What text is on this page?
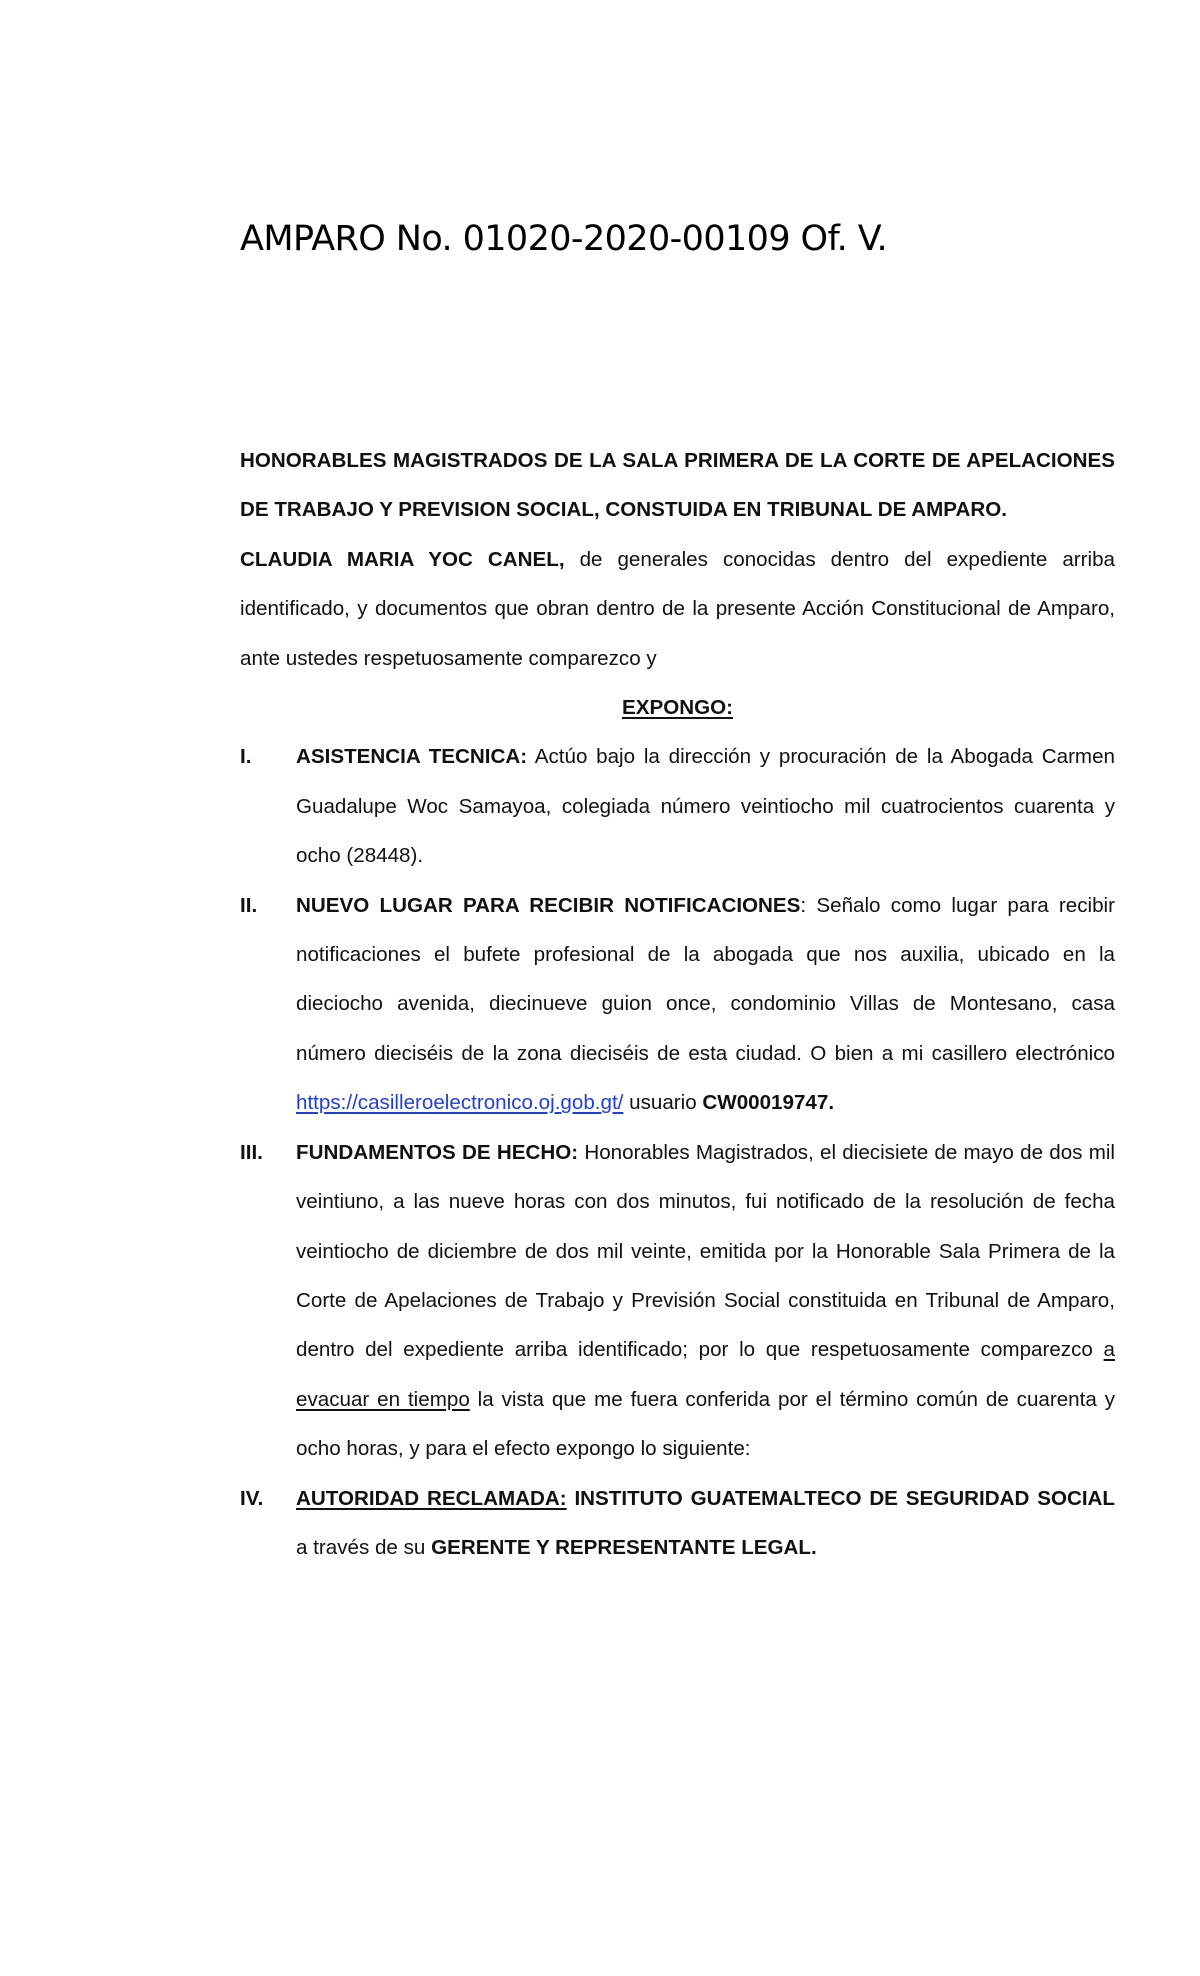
AMPARO No. 01020-2020-00109 Of. V.

HONORABLES MAGISTRADOS DE LA SALA PRIMERA DE LA CORTE DE APELACIONES DE TRABAJO Y PREVISION SOCIAL, CONSTUIDA EN TRIBUNAL DE AMPARO.

CLAUDIA MARIA YOC CANEL, de generales conocidas dentro del expediente arriba identificado, y documentos que obran dentro de la presente Acción Constitucional de Amparo, ante ustedes respetuosamente comparezco y

EXPONGO:

I. ASISTENCIA TECNICA: Actúo bajo la dirección y procuración de la Abogada Carmen Guadalupe Woc Samayoa, colegiada número veintiocho mil cuatrocientos cuarenta y ocho (28448).
II. NUEVO LUGAR PARA RECIBIR NOTIFICACIONES: Señalo como lugar para recibir notificaciones el bufete profesional de la abogada que nos auxilia, ubicado en la dieciocho avenida, diecinueve guion once, condominio Villas de Montesano, casa número dieciséis de la zona dieciséis de esta ciudad. O bien a mi casillero electrónico https://casilleroelectronico.oj.gob.gt/ usuario CW00019747.
III. FUNDAMENTOS DE HECHO: Honorables Magistrados, el diecisiete de mayo de dos mil veintiuno, a las nueve horas con dos minutos, fui notificado de la resolución de fecha veintiocho de diciembre de dos mil veinte, emitida por la Honorable Sala Primera de la Corte de Apelaciones de Trabajo y Previsión Social constituida en Tribunal de Amparo, dentro del expediente arriba identificado; por lo que respetuosamente comparezco a evacuar en tiempo la vista que me fuera conferida por el término común de cuarenta y ocho horas, y para el efecto expongo lo siguiente:
IV. AUTORIDAD RECLAMADA: INSTITUTO GUATEMALTECO DE SEGURIDAD SOCIAL a través de su GERENTE Y REPRESENTANTE LEGAL.
